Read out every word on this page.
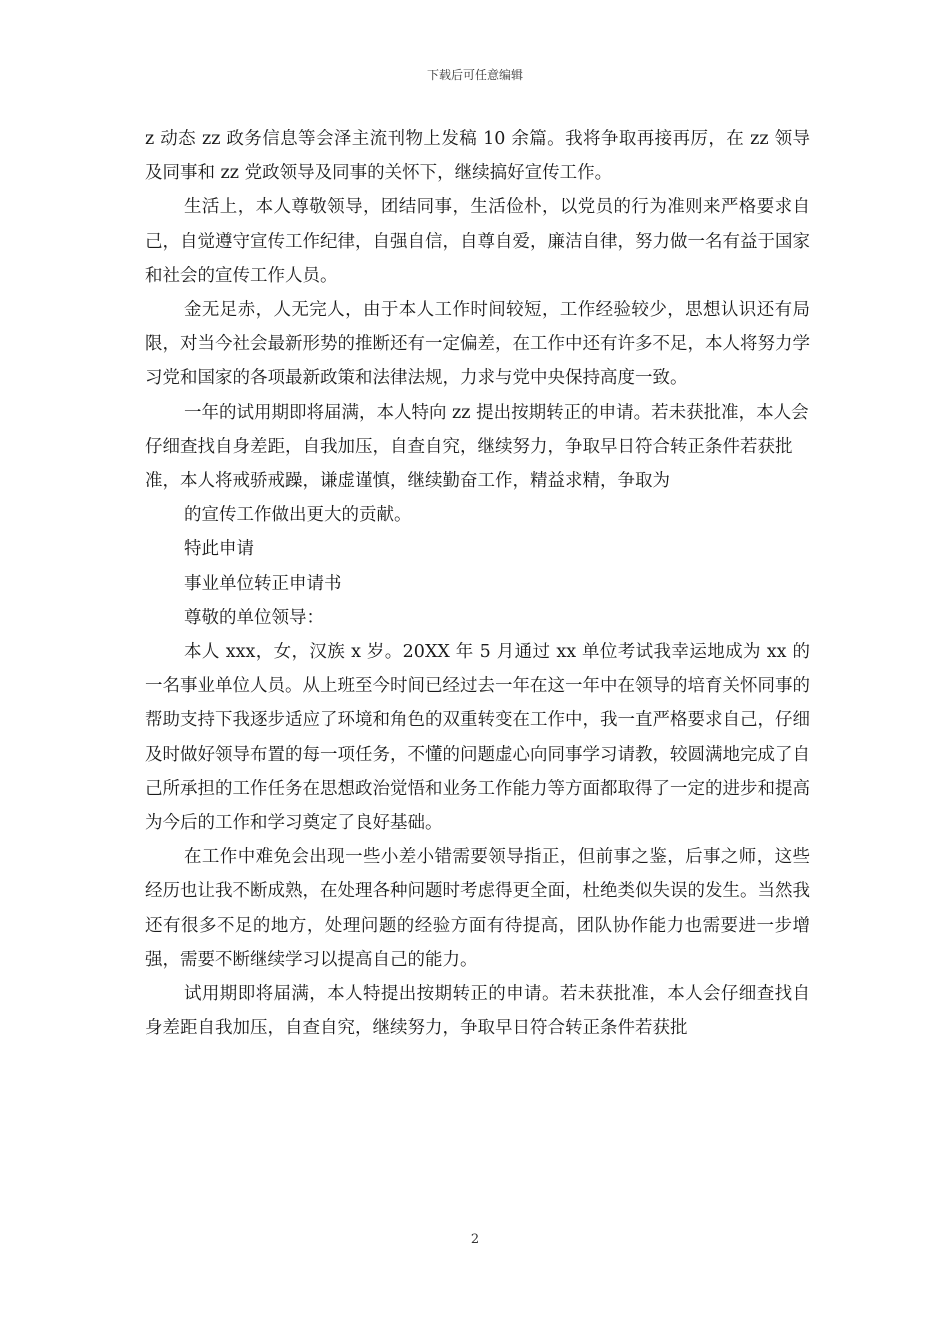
下载后可任意编辑

z 动态 zz 政务信息等会泽主流刊物上发稿 10 余篇。我将争取再接再厉，在 zz 领导及同事和 zz 党政领导及同事的关怀下，继续搞好宣传工作。

生活上，本人尊敬领导，团结同事，生活俭朴，以党员的行为准则来严格要求自己，自觉遵守宣传工作纪律，自强自信，自尊自爱，廉洁自律，努力做一名有益于国家和社会的宣传工作人员。

金无足赤，人无完人，由于本人工作时间较短，工作经验较少，思想认识还有局限，对当今社会最新形势的推断还有一定偏差，在工作中还有许多不足，本人将努力学习党和国家的各项最新政策和法律法规，力求与党中央保持高度一致。

一年的试用期即将届满，本人特向 zz 提出按期转正的申请。若未获批准，本人会仔细查找自身差距，自我加压，自查自究，继续努力，争取早日符合转正条件若获批准，本人将戒骄戒躁，谦虚谨慎，继续勤奋工作，精益求精，争取为

的宣传工作做出更大的贡献。

特此申请

事业单位转正申请书

尊敬的单位领导：

本人 xxx，女，汉族 x 岁。20XX 年 5 月通过 xx 单位考试我幸运地成为 xx 的一名事业单位人员。从上班至今时间已经过去一年在这一年中在领导的培育关怀同事的帮助支持下我逐步适应了环境和角色的双重转变在工作中，我一直严格要求自己，仔细及时做好领导布置的每一项任务，不懂的问题虚心向同事学习请教，较圆满地完成了自己所承担的工作任务在思想政治觉悟和业务工作能力等方面都取得了一定的进步和提高为今后的工作和学习奠定了良好基础。

在工作中难免会出现一些小差小错需要领导指正，但前事之鉴，后事之师，这些经历也让我不断成熟，在处理各种问题时考虑得更全面，杜绝类似失误的发生。当然我还有很多不足的地方，处理问题的经验方面有待提高，团队协作能力也需要进一步增强，需要不断继续学习以提高自己的能力。

试用期即将届满，本人特提出按期转正的申请。若未获批准，本人会仔细查找自身差距自我加压，自查自究，继续努力，争取早日符合转正条件若获批

2
